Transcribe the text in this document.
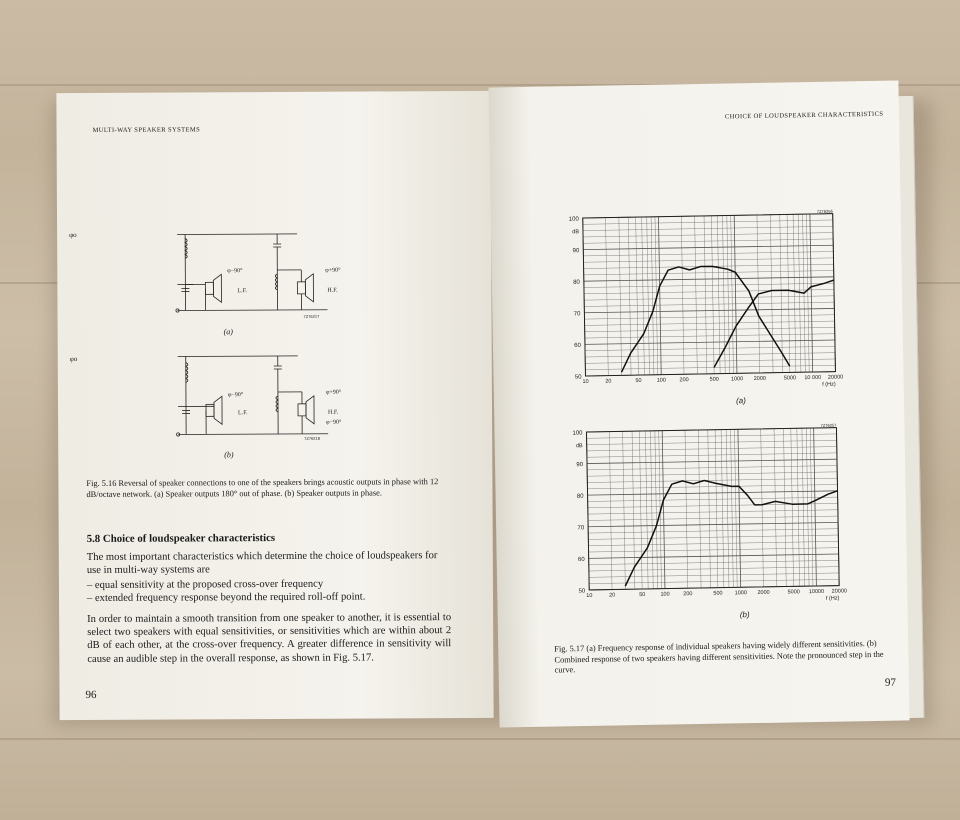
MULTI-WAY SPEAKER SYSTEMS
φo
φ−90°	φ+90°
L.F.	H.F.
7Z76217
(a)
φo
φ−90°	φ+90°
L.F.	H.F.
φ−90°
7Z76218
(b)
Fig. 5.16 Reversal of speaker connections to one of the speakers brings acoustic outputs in phase with 12 dB/octave network. (a) Speaker outputs 180° out of phase. (b) Speaker outputs in phase.
5.8 Choice of loudspeaker characteristics
The most important characteristics which determine the choice of loudspeakers for use in multi-way systems are
– equal sensitivity at the proposed cross-over frequency
– extended frequency response beyond the required roll-off point.
In order to maintain a smooth transition from one speaker to another, it is essential to select two speakers with equal sensitivities, or sensitivities which are within about 2 dB of each other, at the cross-over frequency. A greater difference in sensitivity will cause an audible step in the overall response, as shown in Fig. 5.17.
96
CHOICE OF LOUDSPEAKER CHARACTERISTICS
100
90
80
70
60
50
dB
10	20	50	100 200	500 1000 2000	5000 10 000 20000
f (Hz)
7Z76256
(a)
100
90
80
70
60
50
dB
10	20	50	100 200	500 1000 2000	5000 10000 20000
f (Hz)
7Z76257
(b)
Fig. 5.17 (a) Frequency response of individual speakers having widely different sensitivities. (b) Combined response of two speakers having different sensitivities. Note the pronounced step in the curve.
97
